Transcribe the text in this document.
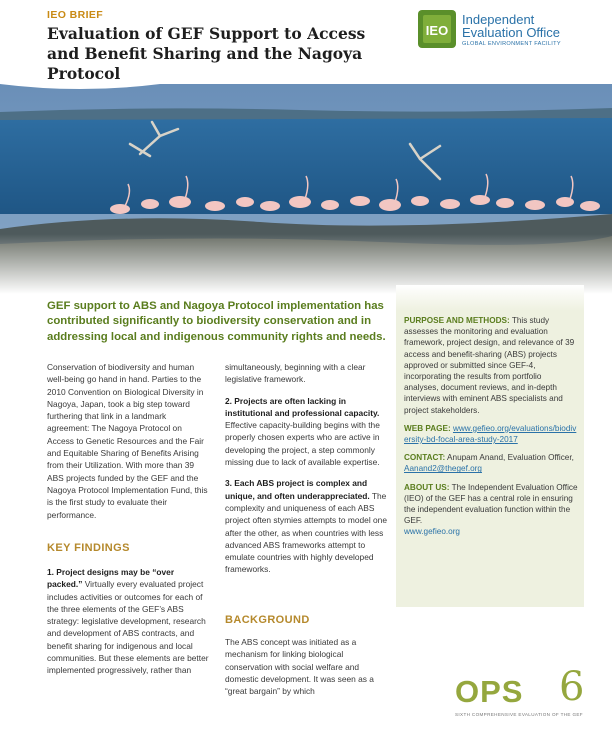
IEO BRIEF
Evaluation of GEF Support to Access and Benefit Sharing and the Nagoya Protocol
IEO
Independent
Evaluation Office
GLOBAL ENVIRONMENT FACILITY

GEF support to ABS and Nagoya Protocol implementation has contributed significantly to biodiversity conservation and in addressing local and indigenous community rights and needs.

Conservation of biodiversity and human well-being go hand in hand. Parties to the 2010 Convention on Biological Diversity in Nagoya, Japan, took a big step toward furthering that link in a landmark agreement: The Nagoya Protocol on Access to Genetic Resources and the Fair and Equitable Sharing of Benefits Arising from their Utilization. With more than 39 ABS projects funded by the GEF and the Nagoya Protocol Implementation Fund, this is the first study to evaluate their performance.

KEY FINDINGS

1. Project designs may be “over packed.” Virtually every evaluated project includes activities or outcomes for each of the three elements of the GEF’s ABS strategy: legislative development, research and development of ABS contracts, and benefit sharing for indigenous and local communities. But these elements are better implemented progressively, rather than

simultaneously, beginning with a clear legislative framework.

2. Projects are often lacking in institutional and professional capacity. Effective capacity-building begins with the properly chosen experts who are active in developing the project, a step commonly missing due to lack of available expertise.

3. Each ABS project is complex and unique, and often underappreciated. The complexity and uniqueness of each ABS project often stymies attempts to model one after the other, as when countries with less advanced ABS frameworks attempt to emulate countries with highly developed frameworks.

BACKGROUND

The ABS concept was initiated as a mechanism for linking biological conservation with social welfare and domestic development. It was seen as a “great bargain” by which

PURPOSE AND METHODS: This study assesses the monitoring and evaluation framework, project design, and relevance of 39 access and benefit-sharing (ABS) projects approved or submitted since GEF-4, incorporating the results from portfolio analyses, document reviews, and in-depth interviews with eminent ABS specialists and project stakeholders.

WEB PAGE: www.gefieo.org/evaluations/biodiversity-bd-focal-area-study-2017

CONTACT: Anupam Anand, Evaluation Officer, Aanand2@thegef.org

ABOUT US: The Independent Evaluation Office (IEO) of the GEF has a central role in ensuring the independent evaluation function within the GEF.
www.gefieo.org

OPS 6
SIXTH COMPREHENSIVE EVALUATION OF THE GEF
